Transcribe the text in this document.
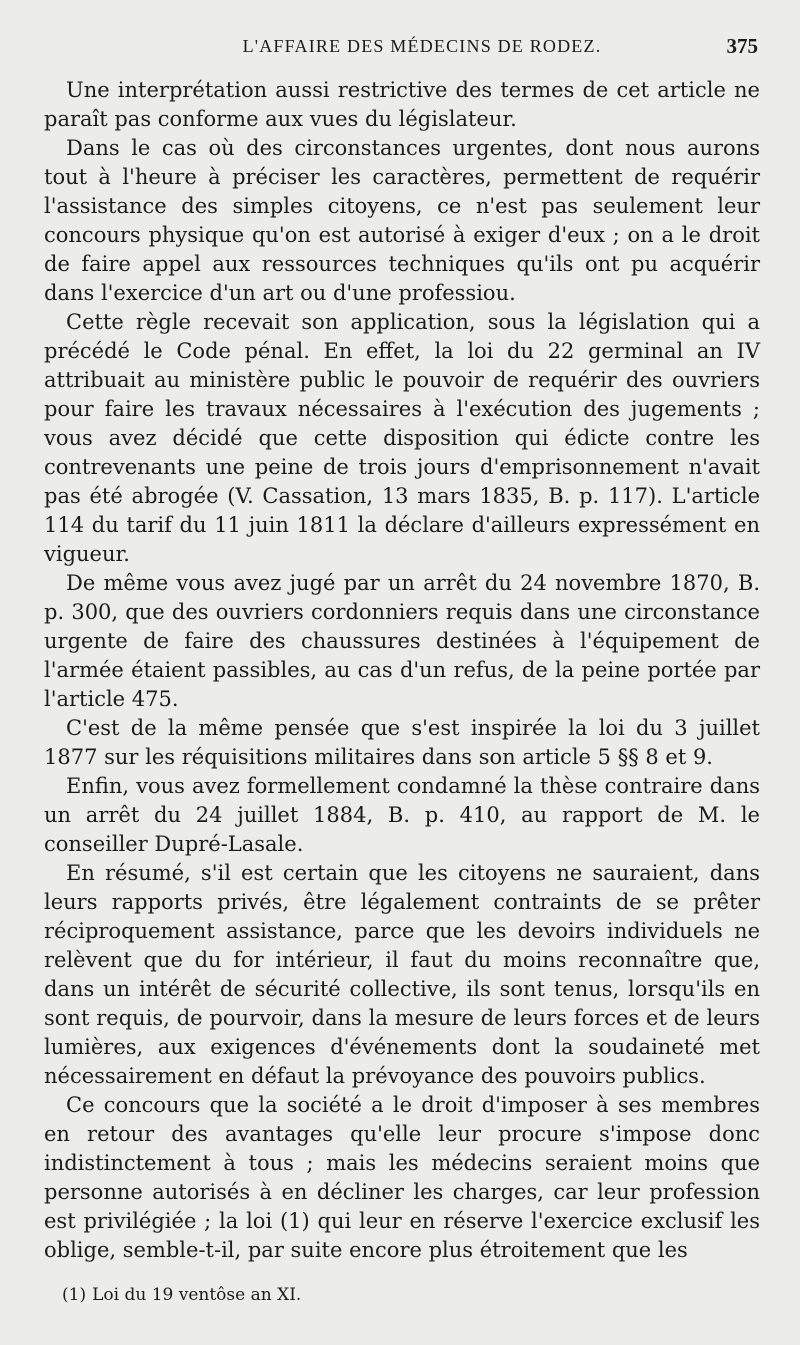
L'AFFAIRE DES MÉDECINS DE RODEZ.	375

Une interprétation aussi restrictive des termes de cet article ne paraît pas conforme aux vues du législateur.

Dans le cas où des circonstances urgentes, dont nous aurons tout à l'heure à préciser les caractères, permettent de requérir l'assistance des simples citoyens, ce n'est pas seulement leur concours physique qu'on est autorisé à exiger d'eux ; on a le droit de faire appel aux ressources techniques qu'ils ont pu acquérir dans l'exercice d'un art ou d'une professiou.

Cette règle recevait son application, sous la législation qui a précédé le Code pénal. En effet, la loi du 22 germinal an IV attribuait au ministère public le pouvoir de requérir des ouvriers pour faire les travaux nécessaires à l'exécution des jugements ; vous avez décidé que cette disposition qui édicte contre les contrevenants une peine de trois jours d'emprisonnement n'avait pas été abrogée (V. Cassation, 13 mars 1835, B. p. 117). L'article 114 du tarif du 11 juin 1811 la déclare d'ailleurs expressément en vigueur.

De même vous avez jugé par un arrêt du 24 novembre 1870, B. p. 300, que des ouvriers cordonniers requis dans une circonstance urgente de faire des chaussures destinées à l'équipement de l'armée étaient passibles, au cas d'un refus, de la peine portée par l'article 475.

C'est de la même pensée que s'est inspirée la loi du 3 juillet 1877 sur les réquisitions militaires dans son article 5 §§ 8 et 9.

Enfin, vous avez formellement condamné la thèse contraire dans un arrêt du 24 juillet 1884, B. p. 410, au rapport de M. le conseiller Dupré-Lasale.

En résumé, s'il est certain que les citoyens ne sauraient, dans leurs rapports privés, être légalement contraints de se prêter réciproquement assistance, parce que les devoirs individuels ne relèvent que du for intérieur, il faut du moins reconnaître que, dans un intérêt de sécurité collective, ils sont tenus, lorsqu'ils en sont requis, de pourvoir, dans la mesure de leurs forces et de leurs lumières, aux exigences d'événements dont la soudaineté met nécessairement en défaut la prévoyance des pouvoirs publics.

Ce concours que la société a le droit d'imposer à ses membres en retour des avantages qu'elle leur procure s'impose donc indistinctement à tous ; mais les médecins seraient moins que personne autorisés à en décliner les charges, car leur profession est privilégiée ; la loi (1) qui leur en réserve l'exercice exclusif les oblige, semble-t-il, par suite encore plus étroitement que les

(1) Loi du 19 ventôse an XI.
